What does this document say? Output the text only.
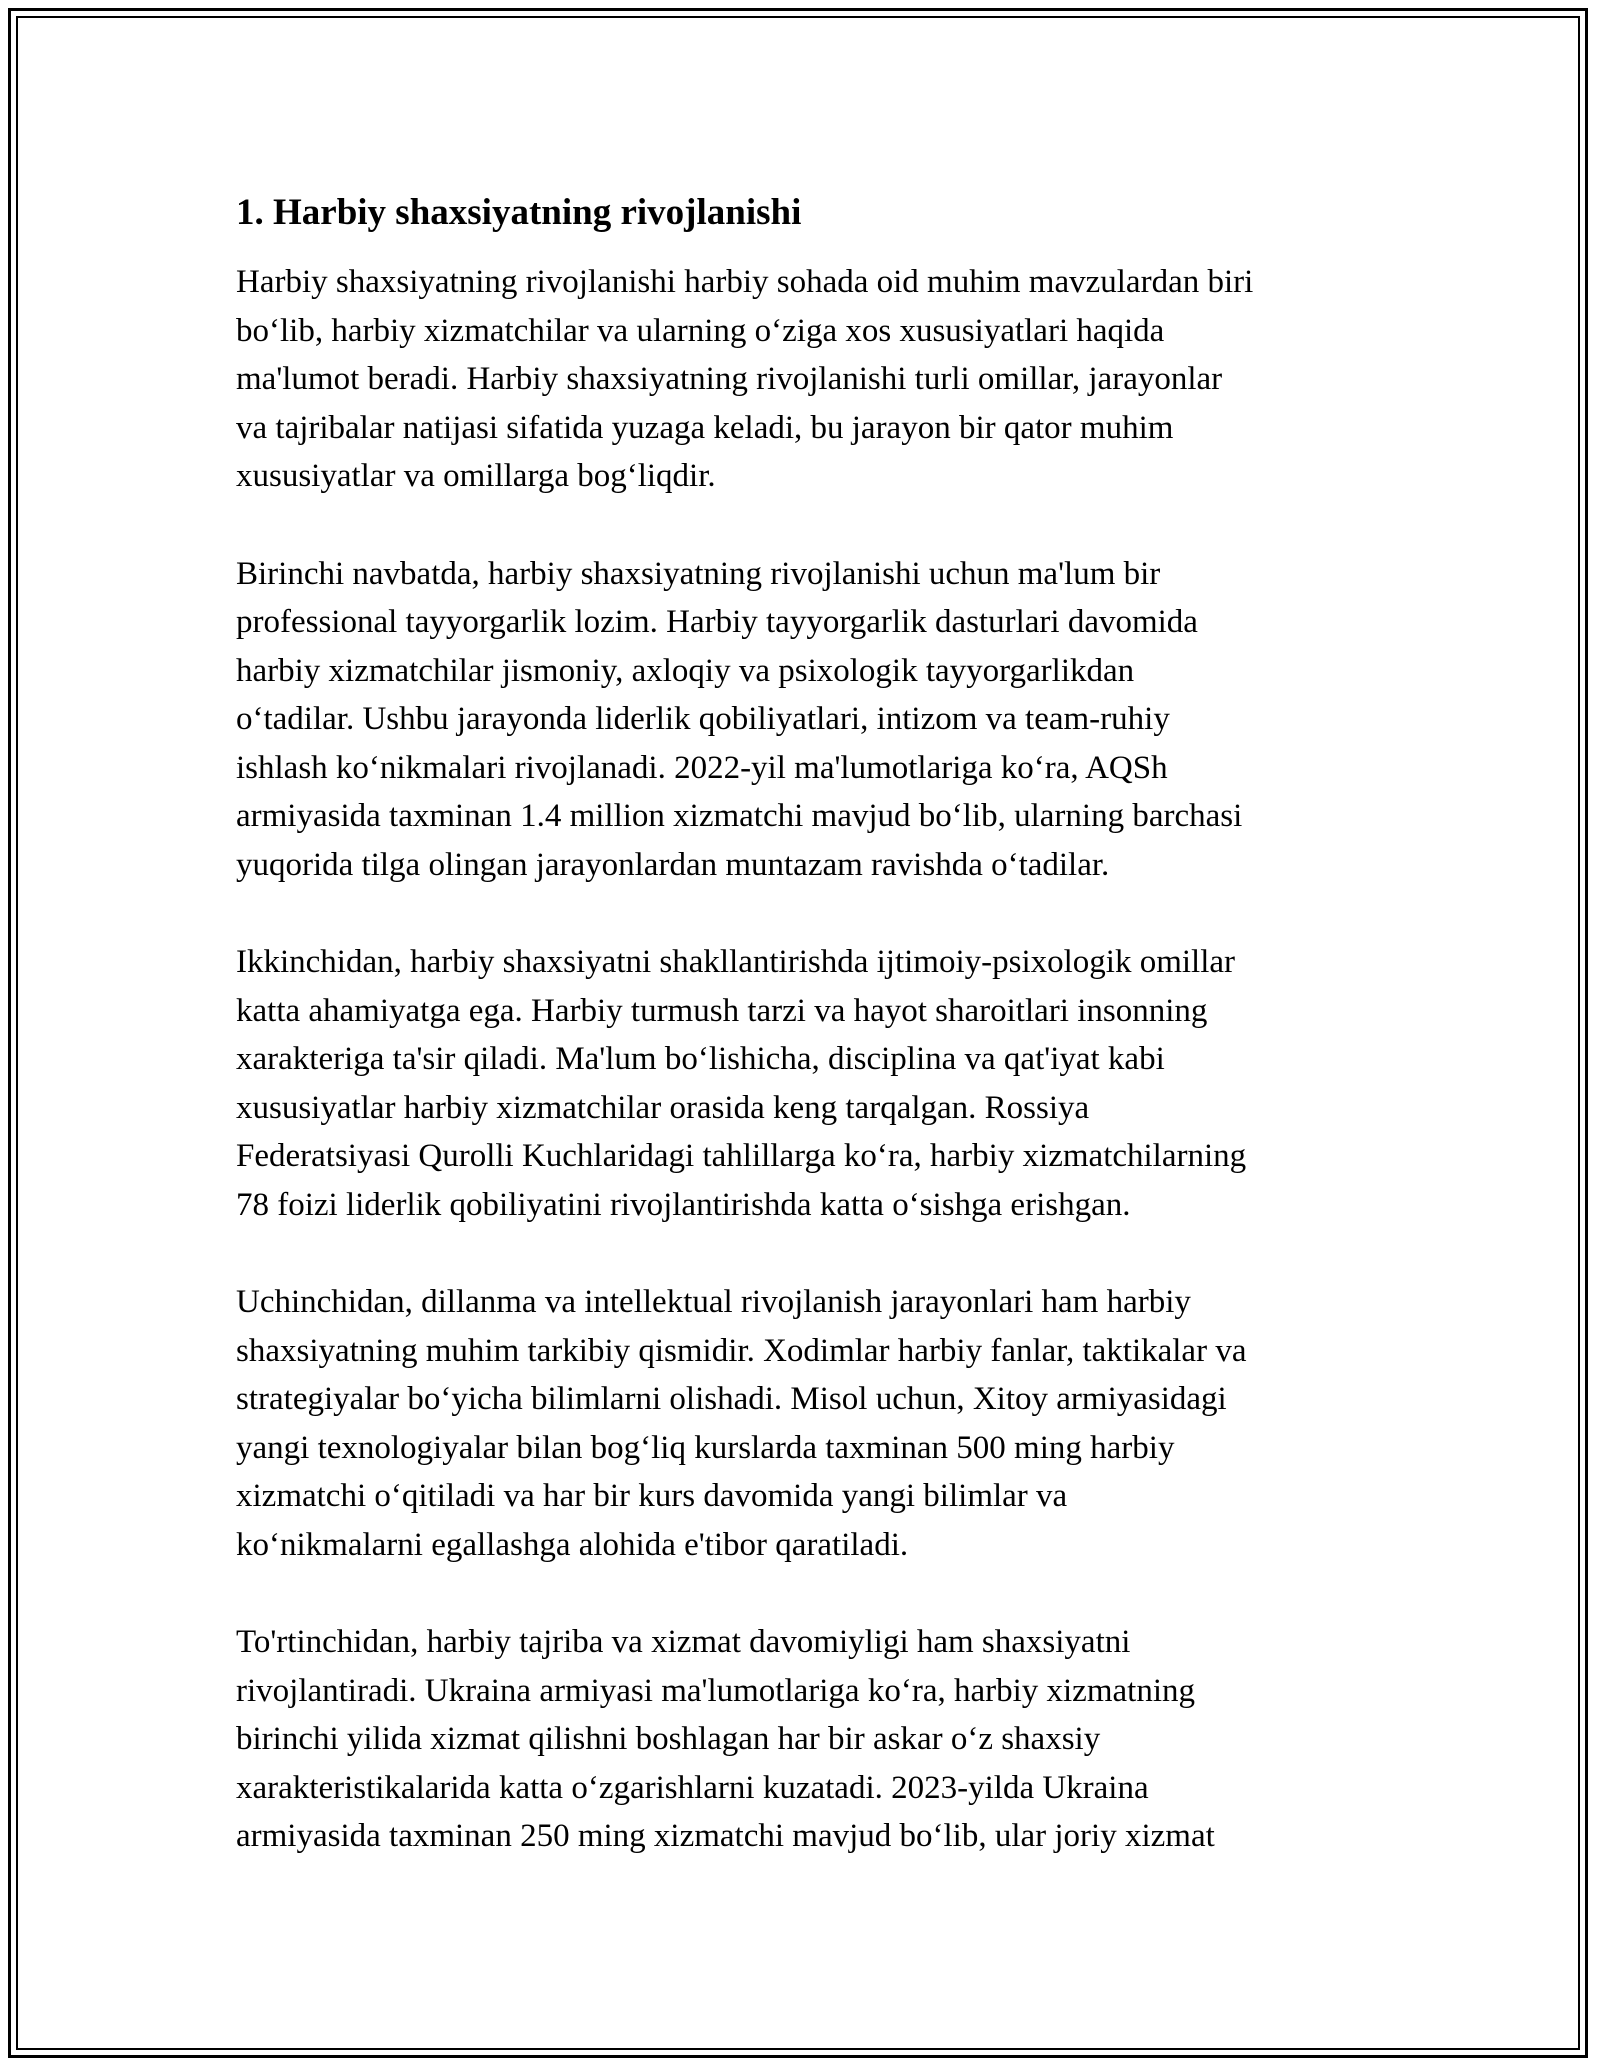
1. Harbiy shaxsiyatning rivojlanishi
Harbiy shaxsiyatning rivojlanishi harbiy sohada oid muhim mavzulardan biri
bo‘lib, harbiy xizmatchilar va ularning o‘ziga xos xususiyatlari haqida
ma'lumot beradi. Harbiy shaxsiyatning rivojlanishi turli omillar, jarayonlar
va tajribalar natijasi sifatida yuzaga keladi, bu jarayon bir qator muhim
xususiyatlar va omillarga bog‘liqdir.
Birinchi navbatda, harbiy shaxsiyatning rivojlanishi uchun ma'lum bir
professional tayyorgarlik lozim. Harbiy tayyorgarlik dasturlari davomida
harbiy xizmatchilar jismoniy, axloqiy va psixologik tayyorgarlikdan
o‘tadilar. Ushbu jarayonda liderlik qobiliyatlari, intizom va team-ruhiy
ishlash ko‘nikmalari rivojlanadi. 2022-yil ma'lumotlariga ko‘ra, AQSh
armiyasida taxminan 1.4 million xizmatchi mavjud bo‘lib, ularning barchasi
yuqorida tilga olingan jarayonlardan muntazam ravishda o‘tadilar.
Ikkinchidan, harbiy shaxsiyatni shakllantirishda ijtimoiy-psixologik omillar
katta ahamiyatga ega. Harbiy turmush tarzi va hayot sharoitlari insonning
xarakteriga ta'sir qiladi. Ma'lum bo‘lishicha, disciplina va qat'iyat kabi
xususiyatlar harbiy xizmatchilar orasida keng tarqalgan. Rossiya
Federatsiyasi Qurolli Kuchlaridagi tahlillarga ko‘ra, harbiy xizmatchilarning
78 foizi liderlik qobiliyatini rivojlantirishda katta o‘sishga erishgan.
Uchinchidan, dillanma va intellektual rivojlanish jarayonlari ham harbiy
shaxsiyatning muhim tarkibiy qismidir. Xodimlar harbiy fanlar, taktikalar va
strategiyalar bo‘yicha bilimlarni olishadi. Misol uchun, Xitoy armiyasidagi
yangi texnologiyalar bilan bog‘liq kurslarda taxminan 500 ming harbiy
xizmatchi o‘qitiladi va har bir kurs davomida yangi bilimlar va
ko‘nikmalarni egallashga alohida e'tibor qaratiladi.
To'rtinchidan, harbiy tajriba va xizmat davomiyligi ham shaxsiyatni
rivojlantiradi. Ukraina armiyasi ma'lumotlariga ko‘ra, harbiy xizmatning
birinchi yilida xizmat qilishni boshlagan har bir askar o‘z shaxsiy
xarakteristikalarida katta o‘zgarishlarni kuzatadi. 2023-yilda Ukraina
armiyasida taxminan 250 ming xizmatchi mavjud bo‘lib, ular joriy xizmat
